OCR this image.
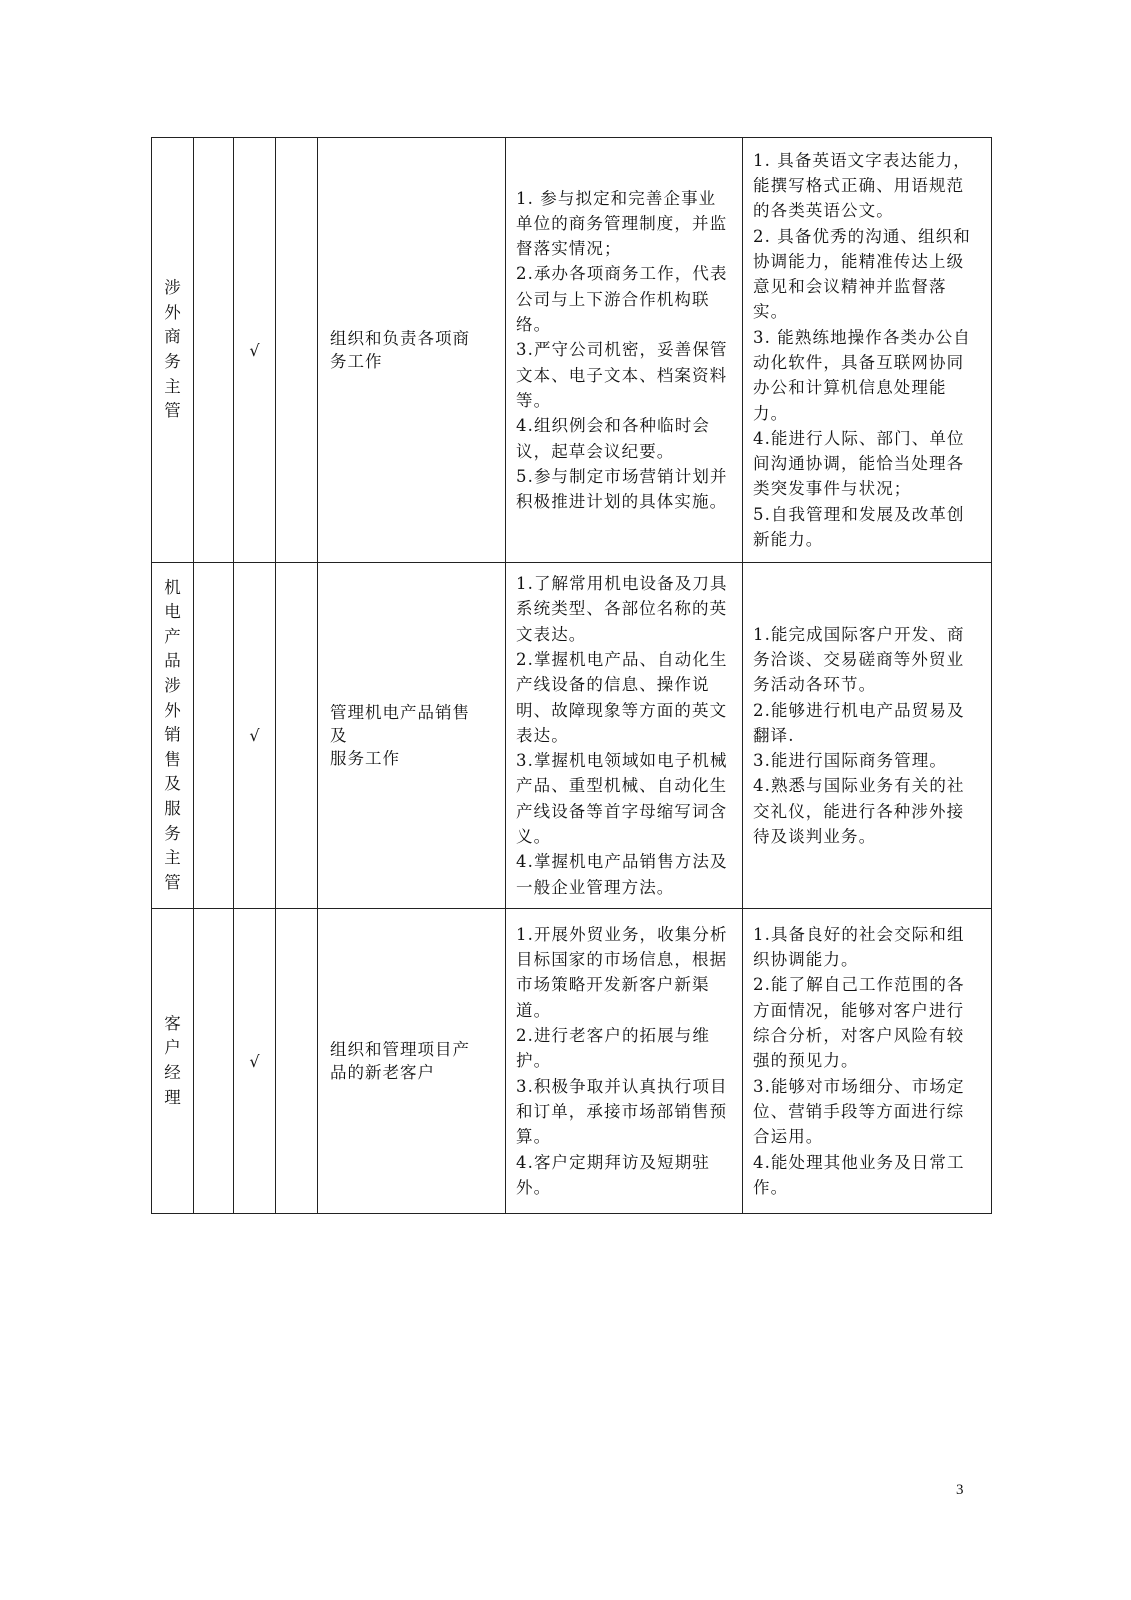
涉外商务主管		√		组织和负责各项商
务工作	1. 参与拟定和完善企事业单位的商务管理制度，并监督落实情况；
2.承办各项商务工作，代表公司与上下游合作机构联络。
3.严守公司机密，妥善保管文本、电子文本、档案资料等。
4.组织例会和各种临时会议，起草会议纪要。
5.参与制定市场营销计划并积极推进计划的具体实施。	1. 具备英语文字表达能力，能撰写格式正确、用语规范的各类英语公文。
2. 具备优秀的沟通、组织和协调能力，能精准传达上级意见和会议精神并监督落实。
3. 能熟练地操作各类办公自动化软件，具备互联网协同办公和计算机信息处理能力。
4.能进行人际、部门、单位间沟通协调，能恰当处理各类突发事件与状况；
5.自我管理和发展及改革创新能力。

机电产品涉外销售及服务主管		√		管理机电产品销售
及
服务工作	1.了解常用机电设备及刀具系统类型、各部位名称的英文表达。
2.掌握机电产品、自动化生产线设备的信息、操作说明、故障现象等方面的英文表达。
3.掌握机电领域如电子机械产品、重型机械、自动化生产线设备等首字母缩写词含义。
4.掌握机电产品销售方法及一般企业管理方法。	1.能完成国际客户开发、商务洽谈、交易磋商等外贸业务活动各环节。
2.能够进行机电产品贸易及翻译.
3.能进行国际商务管理。
4.熟悉与国际业务有关的社交礼仪，能进行各种涉外接待及谈判业务。

客户经理		√		组织和管理项目产
品的新老客户	1.开展外贸业务，收集分析目标国家的市场信息，根据市场策略开发新客户新渠道。
2.进行老客户的拓展与维护。
3.积极争取并认真执行项目和订单，承接市场部销售预算。
4.客户定期拜访及短期驻外。	1.具备良好的社会交际和组织协调能力。
2.能了解自己工作范围的各方面情况，能够对客户进行综合分析，对客户风险有较强的预见力。
3.能够对市场细分、市场定位、营销手段等方面进行综合运用。
4.能处理其他业务及日常工作。
3
